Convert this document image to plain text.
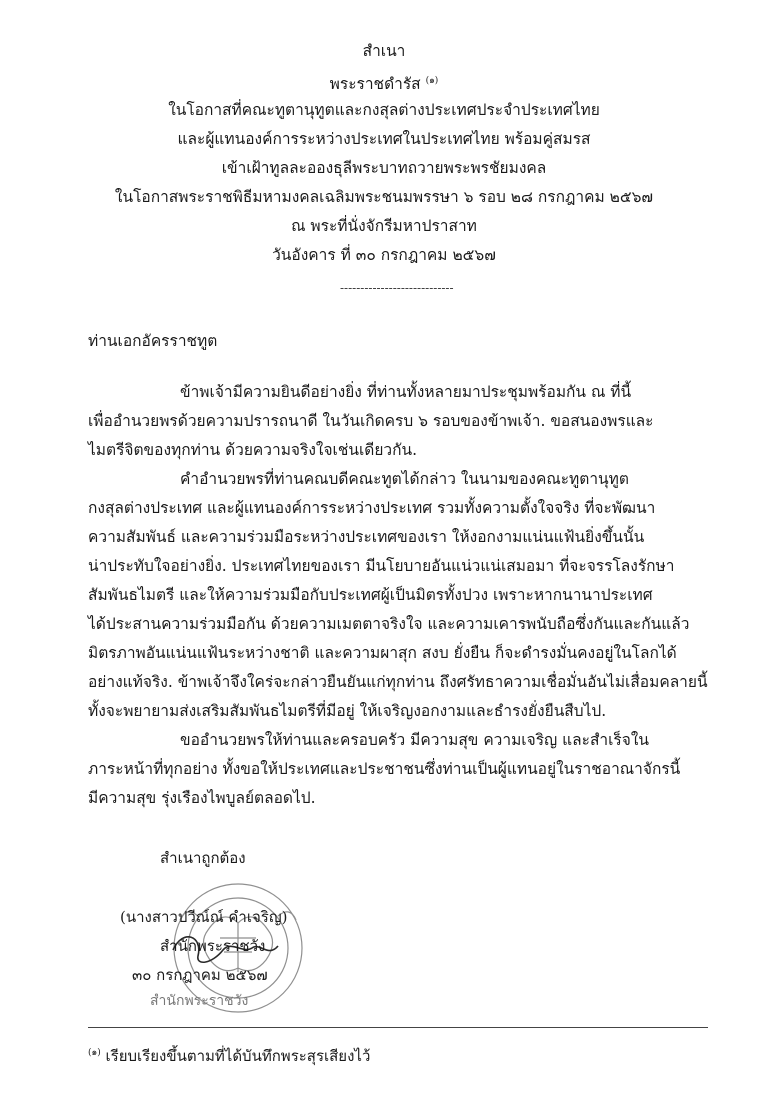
สำเนา
พระราชดำรัส $^{(๑)}$
ในโอกาสที่คณะทูตานุทูตและกงสุลต่างประเทศประจำประเทศไทย
และผู้แทนองค์การระหว่างประเทศในประเทศไทย พร้อมคู่สมรส
เข้าเฝ้าทูลละอองธุลีพระบาทถวายพระพรชัยมงคล
ในโอกาสพระราชพิธีมหามงคลเฉลิมพระชนมพรรษา ๖ รอบ ๒๘ กรกฎาคม ๒๕๖๗
ณ พระที่นั่งจักรีมหาปราสาท
วันอังคาร ที่ ๓๐ กรกฎาคม ๒๕๖๗
----------------------------
ท่านเอกอัครราชทูต
ข้าพเจ้ามีความยินดีอย่างยิ่ง ที่ท่านทั้งหลายมาประชุมพร้อมกัน ณ ที่นี้
เพื่ออำนวยพรด้วยความปรารถนาดี ในวันเกิดครบ ๖ รอบของข้าพเจ้า. ขอสนองพรและ
ไมตรีจิตของทุกท่าน ด้วยความจริงใจเช่นเดียวกัน.
คำอำนวยพรที่ท่านคณบดีคณะทูตได้กล่าว ในนามของคณะทูตานุทูต
กงสุลต่างประเทศ และผู้แทนองค์การระหว่างประเทศ รวมทั้งความตั้งใจจริง ที่จะพัฒนา
ความสัมพันธ์ และความร่วมมือระหว่างประเทศของเรา ให้งอกงามแน่นแฟ้นยิ่งขึ้นนั้น
น่าประทับใจอย่างยิ่ง. ประเทศไทยของเรา มีนโยบายอันแน่วแน่เสมอมา ที่จะจรรโลงรักษา
สัมพันธไมตรี และให้ความร่วมมือกับประเทศผู้เป็นมิตรทั้งปวง เพราะหากนานาประเทศ
ได้ประสานความร่วมมือกัน ด้วยความเมตตาจริงใจ และความเคารพนับถือซึ่งกันและกันแล้ว
มิตรภาพอันแน่นแฟ้นระหว่างชาติ และความผาสุก สงบ ยั่งยืน ก็จะดำรงมั่นคงอยู่ในโลกได้
อย่างแท้จริง. ข้าพเจ้าจึงใคร่จะกล่าวยืนยันแก่ทุกท่าน ถึงศรัทธาความเชื่อมั่นอันไม่เสื่อมคลายนี้
ทั้งจะพยายามส่งเสริมสัมพันธไมตรีที่มีอยู่ ให้เจริญงอกงามและธำรงยั่งยืนสืบไป.
ขออำนวยพรให้ท่านและครอบครัว มีความสุข ความเจริญ และสำเร็จใน
ภาระหน้าที่ทุกอย่าง ทั้งขอให้ประเทศและประชาชนซึ่งท่านเป็นผู้แทนอยู่ในราชอาณาจักรนี้
มีความสุข รุ่งเรืองไพบูลย์ตลอดไป.
สำเนาถูกต้อง
(นางสาวปวีณ์ณ์ คำเจริญ)
สำนักพระราชวัง
๓๐ กรกฎาคม ๒๕๖๗
สำนักพระราชวัง
$^{(๑)}$ เรียบเรียงขึ้นตามที่ได้บันทึกพระสุรเสียงไว้
